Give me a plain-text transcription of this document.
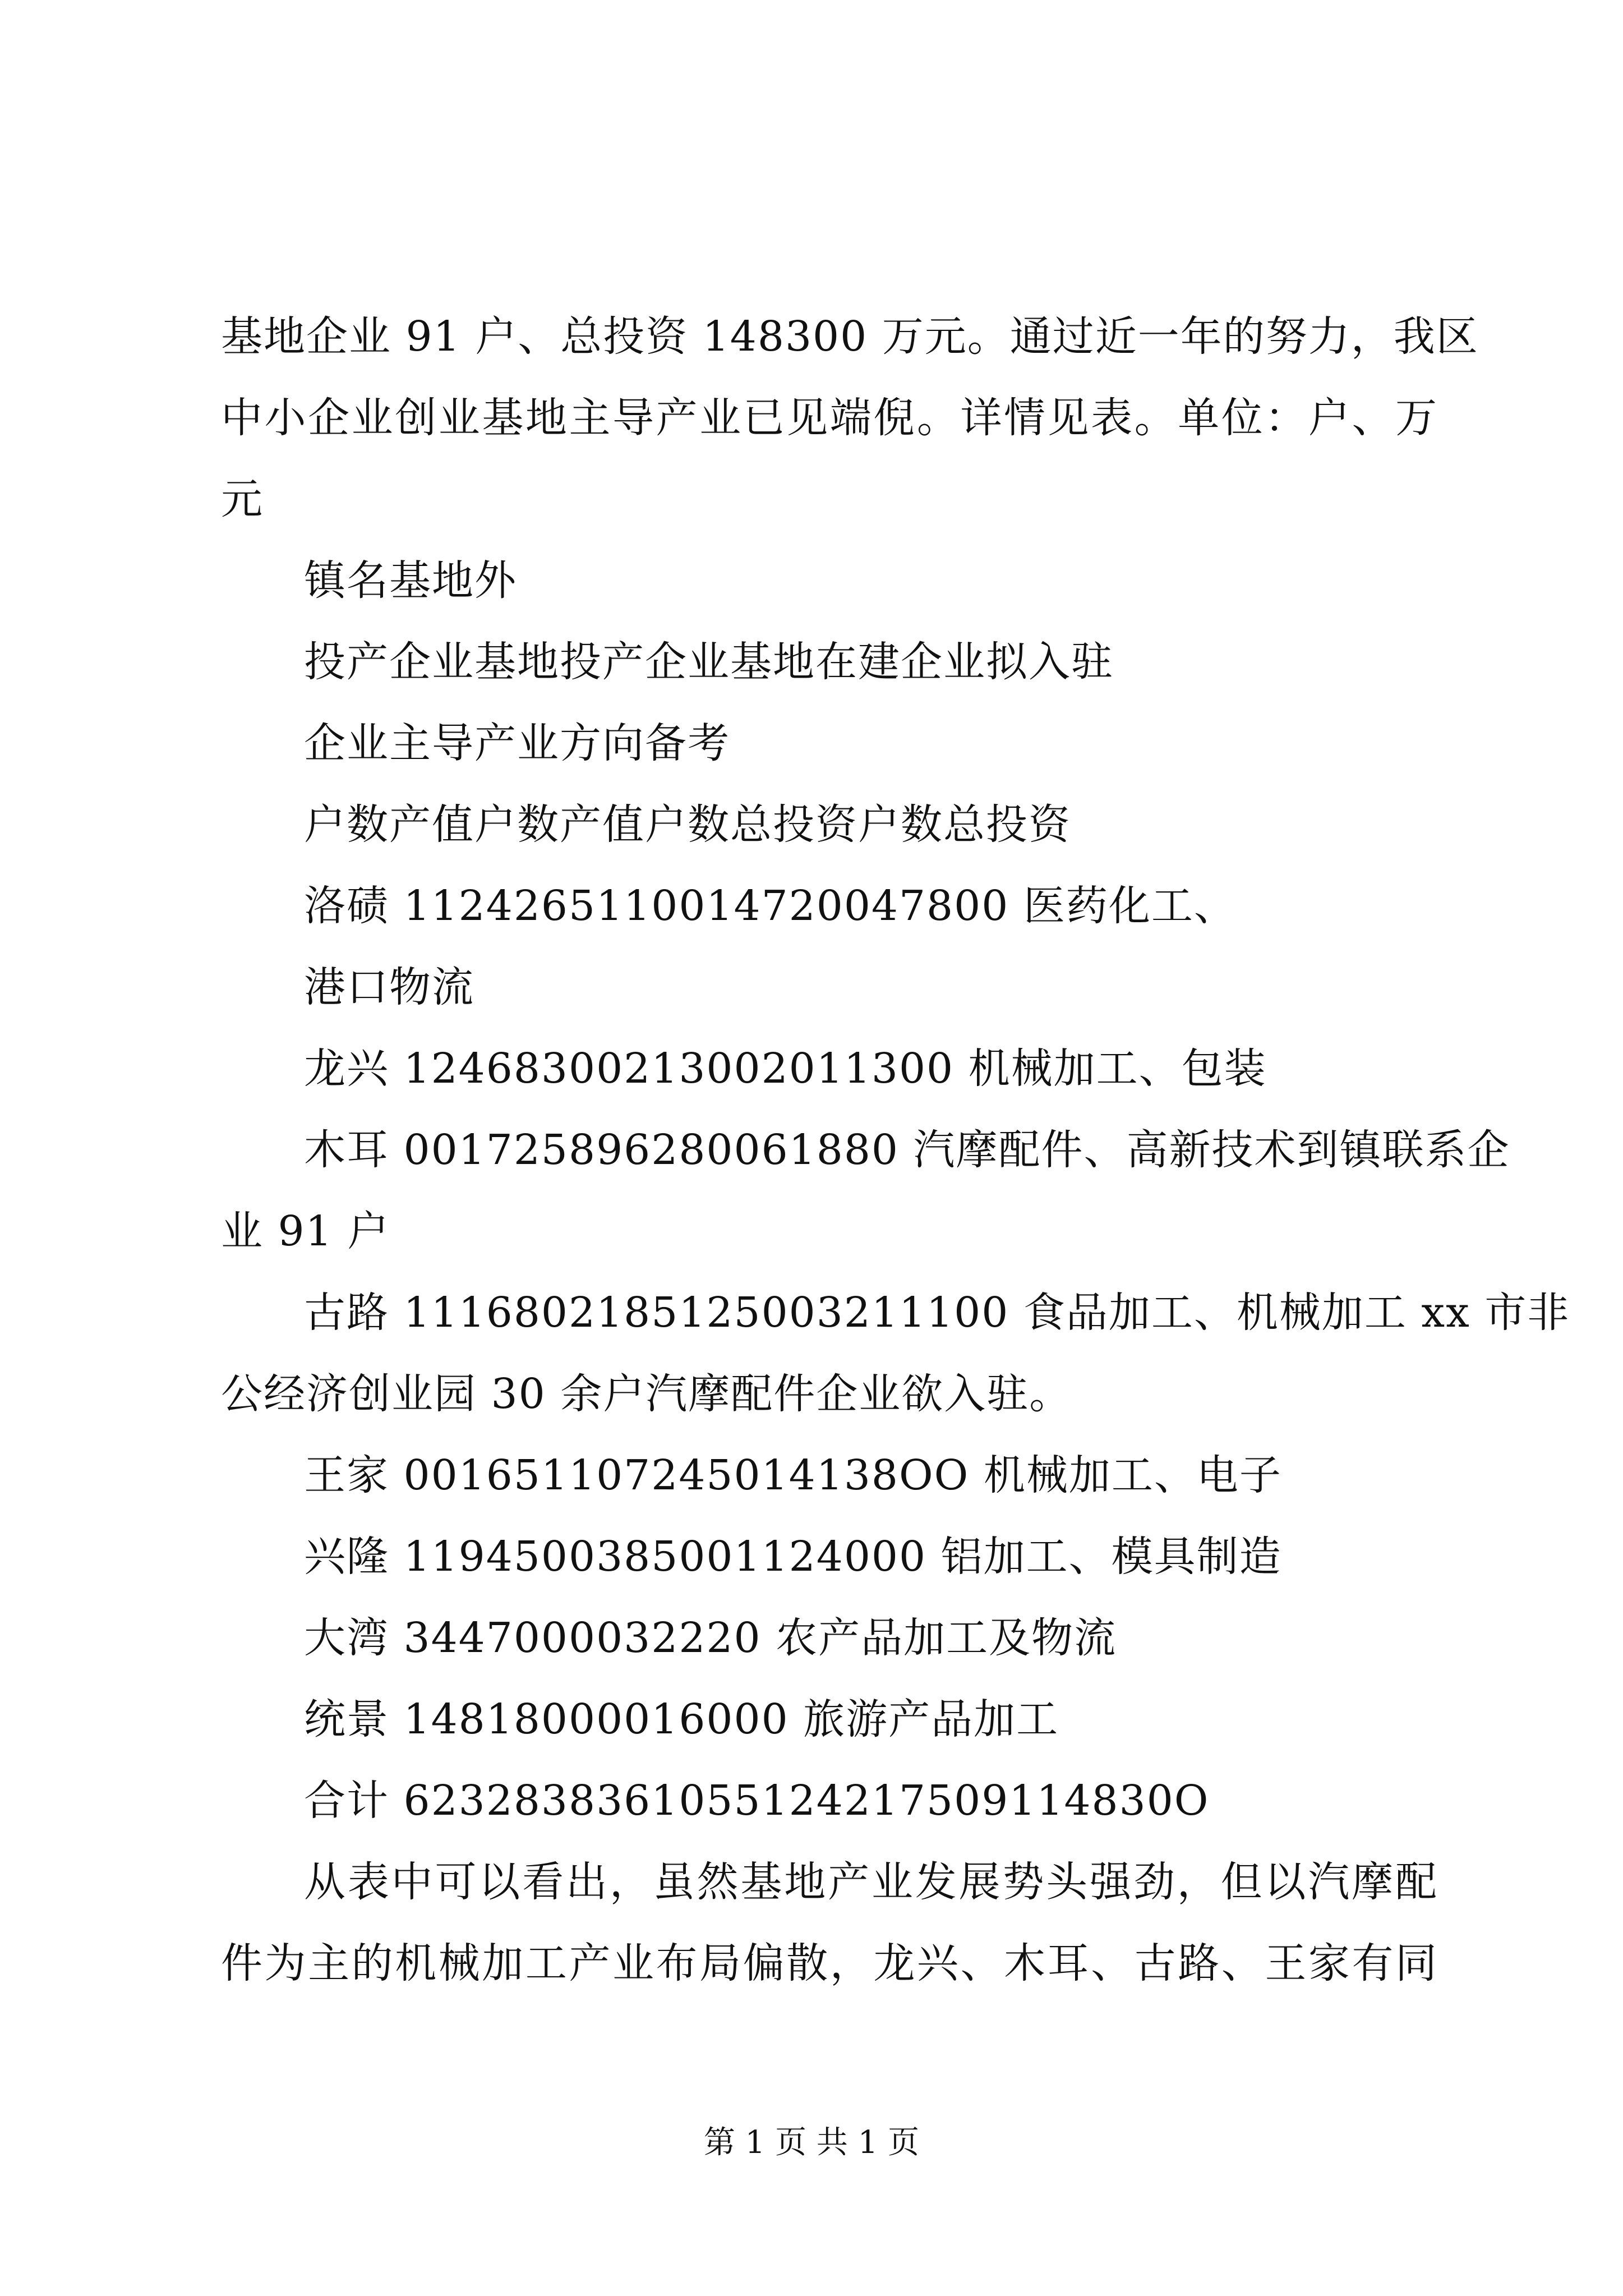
基地企业 91 户、总投资 148300 万元。通过近一年的努力，我区
中小企业创业基地主导产业已见端倪。详情见表。单位：户、万
元
镇名基地外
投产企业基地投产企业基地在建企业拟入驻
企业主导产业方向备考
户数产值户数产值户数总投资户数总投资
洛碛 1124265110014720047800 医药化工、
港口物流
龙兴 12468300213002011300 机械加工、包装
木耳 001725896280061880 汽摩配件、高新技术到镇联系企
业 91 户
古路 1116802185125003211100 食品加工、机械加工 xx 市非
公经济创业园 30 余户汽摩配件企业欲入驻。
王家 001651107245014138OO 机械加工、电子
兴隆 1194500385001124000 铝加工、模具制造
大湾 3447000032220 农产品加工及物流
统景 14818000016000 旅游产品加工
合计 6232838361055124217509114830O
从表中可以看出，虽然基地产业发展势头强劲，但以汽摩配
件为主的机械加工产业布局偏散，龙兴、木耳、古路、王家有同
第 1 页 共 1 页
